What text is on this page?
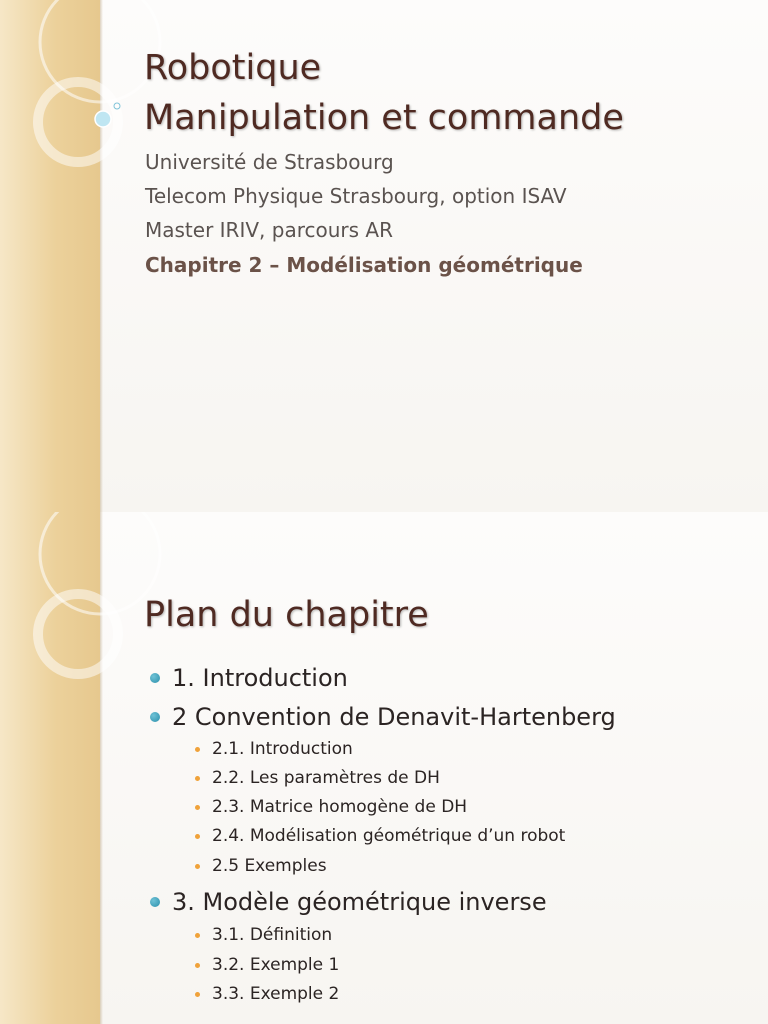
Robotique
Manipulation et commande

Université de Strasbourg

Telecom Physique Strasbourg, option ISAV

Master IRIV, parcours AR

Chapitre 2 – Modélisation géométrique

Plan du chapitre
1. Introduction
2 Convention de Denavit-Hartenberg
2.1. Introduction
2.2. Les paramètres de DH
2.3. Matrice homogène de DH
2.4. Modélisation géométrique d’un robot
2.5 Exemples
3. Modèle géométrique inverse
3.1. Définition
3.2. Exemple 1
3.3. Exemple 2
